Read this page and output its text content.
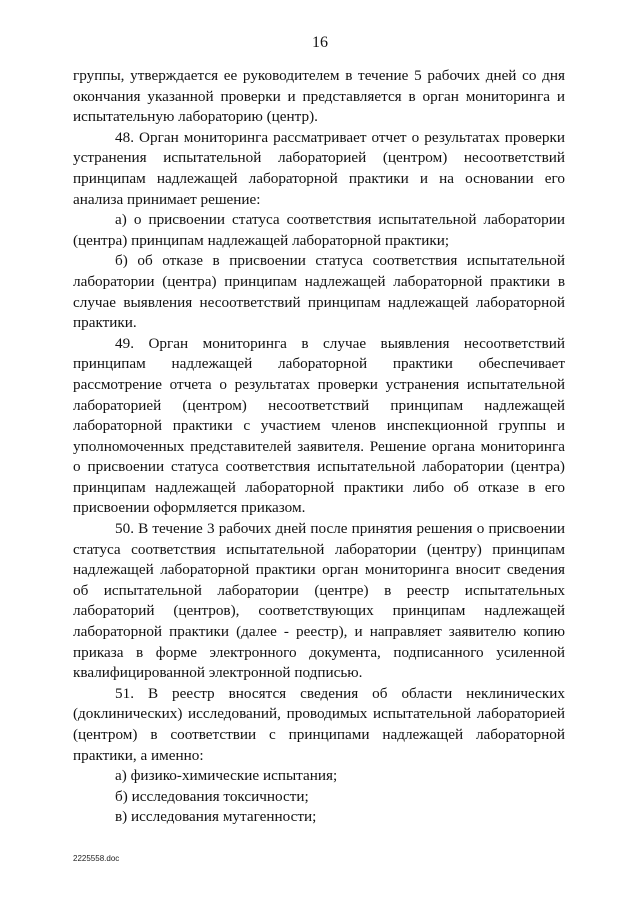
16

группы, утверждается ее руководителем в течение 5 рабочих дней со дня окончания указанной проверки и представляется в орган мониторинга и испытательную лабораторию (центр).

48. Орган мониторинга рассматривает отчет о результатах проверки устранения испытательной лабораторией (центром) несоответствий принципам надлежащей лабораторной практики и на основании его анализа принимает решение:

а) о присвоении статуса соответствия испытательной лаборатории (центра) принципам надлежащей лабораторной практики;

б) об отказе в присвоении статуса соответствия испытательной лаборатории (центра) принципам надлежащей лабораторной практики в случае выявления несоответствий принципам надлежащей лабораторной практики.

49. Орган мониторинга в случае выявления несоответствий принципам надлежащей лабораторной практики обеспечивает рассмотрение отчета о результатах проверки устранения испытательной лабораторией (центром) несоответствий принципам надлежащей лабораторной практики с участием членов инспекционной группы и уполномоченных представителей заявителя. Решение органа мониторинга о присвоении статуса соответствия испытательной лаборатории (центра) принципам надлежащей лабораторной практики либо об отказе в его присвоении оформляется приказом.

50. В течение 3 рабочих дней после принятия решения о присвоении статуса соответствия испытательной лаборатории (центру) принципам надлежащей лабораторной практики орган мониторинга вносит сведения об испытательной лаборатории (центре) в реестр испытательных лабораторий (центров), соответствующих принципам надлежащей лабораторной практики (далее - реестр), и направляет заявителю копию приказа в форме электронного документа, подписанного усиленной квалифицированной электронной подписью.

51. В реестр вносятся сведения об области неклинических (доклинических) исследований, проводимых испытательной лабораторией (центром) в соответствии с принципами надлежащей лабораторной практики, а именно:

а) физико-химические испытания;

б) исследования токсичности;

в) исследования мутагенности;

2225558.doc
